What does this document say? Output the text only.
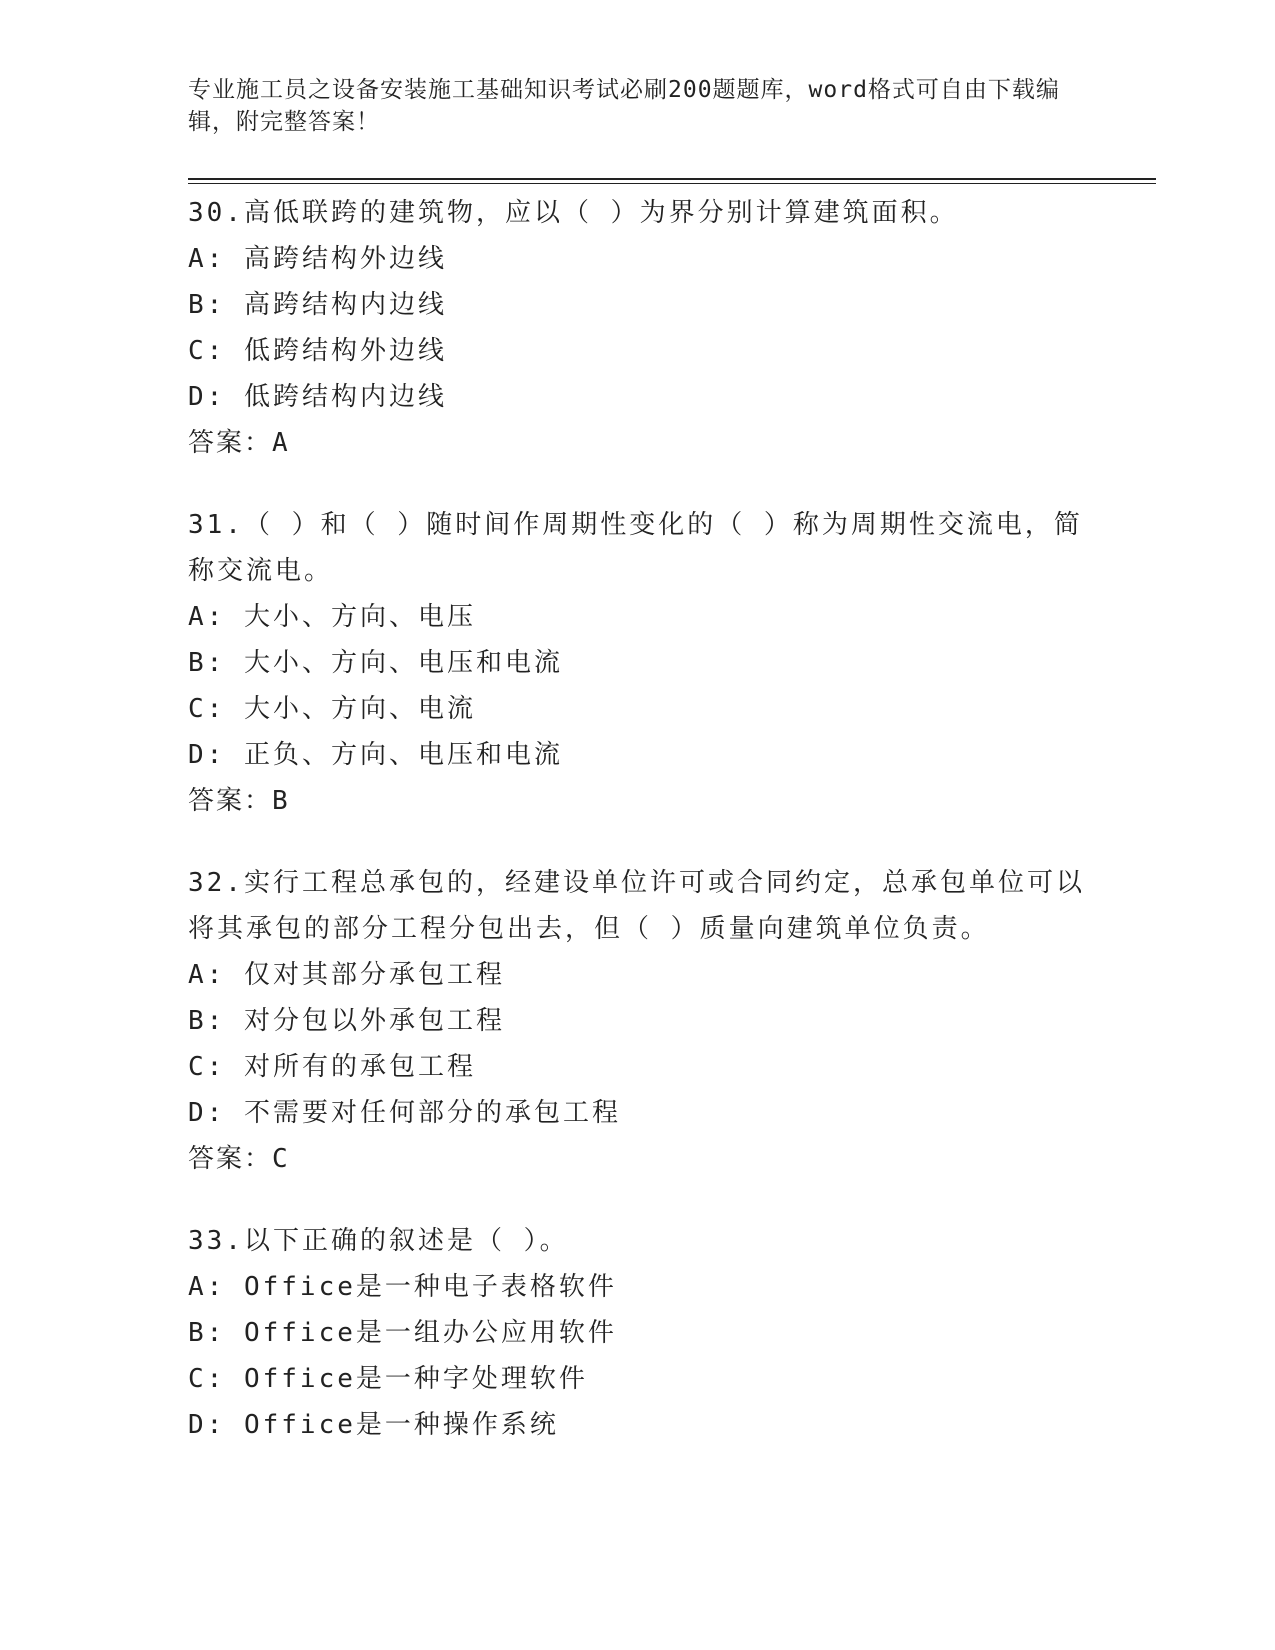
专业施工员之设备安装施工基础知识考试必刷200题题库，word格式可自由下载编辑，附完整答案！
30.高低联跨的建筑物，应以（ ）为界分别计算建筑面积。
A: 高跨结构外边线
B: 高跨结构内边线
C: 低跨结构外边线
D: 低跨结构内边线
答案：A
31.（ ）和（ ）随时间作周期性变化的（ ）称为周期性交流电，简称交流电。
A: 大小、方向、电压
B: 大小、方向、电压和电流
C: 大小、方向、电流
D: 正负、方向、电压和电流
答案：B
32.实行工程总承包的，经建设单位许可或合同约定，总承包单位可以将其承包的部分工程分包出去，但（ ）质量向建筑单位负责。
A: 仅对其部分承包工程
B: 对分包以外承包工程
C: 对所有的承包工程
D: 不需要对任何部分的承包工程
答案：C
33.以下正确的叙述是（ ）。
A: Office是一种电子表格软件
B: Office是一组办公应用软件
C: Office是一种字处理软件
D: Office是一种操作系统
